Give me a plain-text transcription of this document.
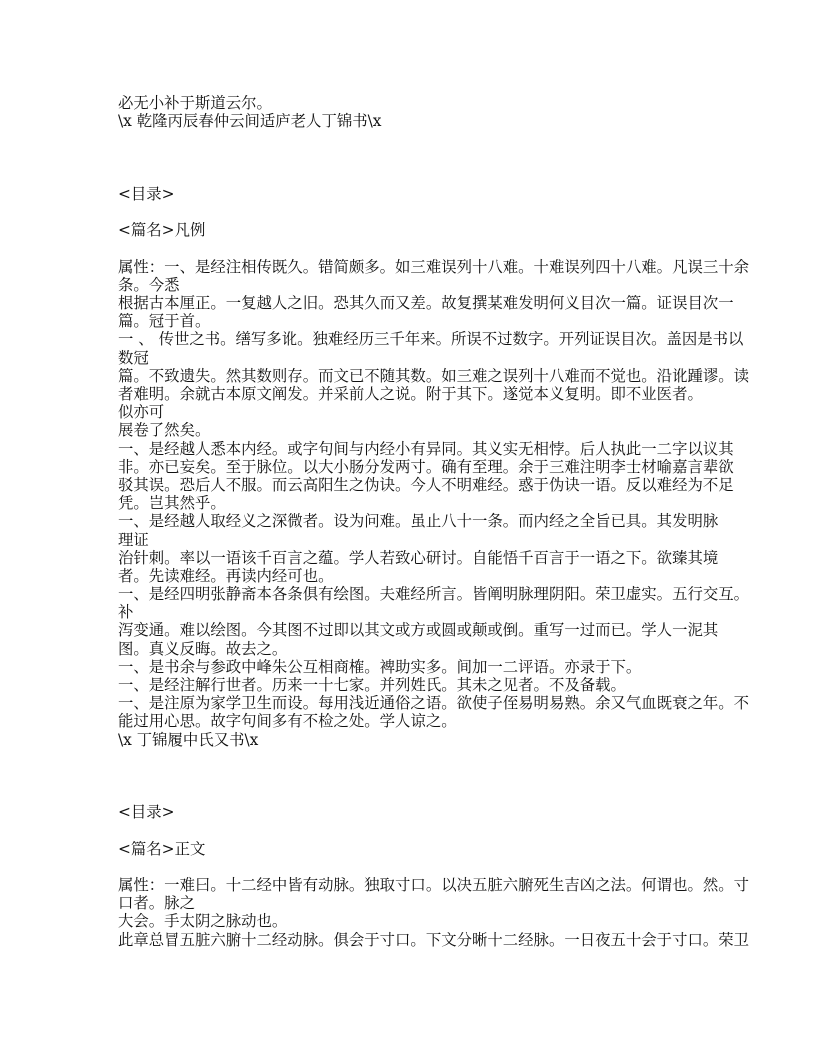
必无小补于斯道云尔。
\x 乾隆丙辰春仲云间适庐老人丁锦书\x
<目录>
<篇名>凡例
属性：一、是经注相传既久。错简颇多。如三难误列十八难。十难误列四十八难。凡误三十余
条。今悉
根据古本厘正。一复越人之旧。恐其久而又差。故复撰某难发明何义目次一篇。证误目次一
篇。冠于首。
一 、 传世之书。缮写多讹。独难经历三千年来。所误不过数字。开列证误目次。盖因是书以
数冠
篇。不致遗失。然其数则存。而文已不随其数。如三难之误列十八难而不觉也。沿讹踵谬。读
者难明。余就古本原文阐发。并采前人之说。附于其下。遂觉本义复明。即不业医者。
似亦可
展卷了然矣。
一、是经越人悉本内经。或字句间与内经小有异同。其义实无相悖。后人执此一二字以议其
非。亦已妄矣。至于脉位。以大小肠分发两寸。确有至理。余于三难注明李士材喻嘉言辈欲
驳其误。恐后人不服。而云高阳生之伪诀。今人不明难经。惑于伪诀一语。反以难经为不足
凭。岂其然乎。
一、是经越人取经义之深微者。设为问难。虽止八十一条。而内经之全旨已具。其发明脉
理证
治针刺。率以一语该千百言之蕴。学人若致心研讨。自能悟千百言于一语之下。欲臻其境
者。先读难经。再读内经可也。
一、是经四明张静斋本各条俱有绘图。夫难经所言。皆阐明脉理阴阳。荣卫虚实。五行交互。
补
泻变通。难以绘图。今其图不过即以其文或方或圆或颠或倒。重写一过而已。学人一泥其
图。真义反晦。故去之。
一、是书余与参政中峰朱公互相商榷。裨助实多。间加一二评语。亦录于下。
一、是经注解行世者。历来一十七家。并列姓氏。其未之见者。不及备载。
一、是注原为家学卫生而设。每用浅近通俗之语。欲使子侄易明易熟。余又气血既衰之年。不
能过用心思。故字句间多有不检之处。学人谅之。
\x 丁锦履中氏又书\x
<目录>
<篇名>正文
属性：一难曰。十二经中皆有动脉。独取寸口。以决五脏六腑死生吉凶之法。何谓也。然。寸
口者。脉之
大会。手太阴之脉动也。
此章总冒五脏六腑十二经动脉。俱会于寸口。下文分晰十二经脉。一日夜五十会于寸口。荣卫
